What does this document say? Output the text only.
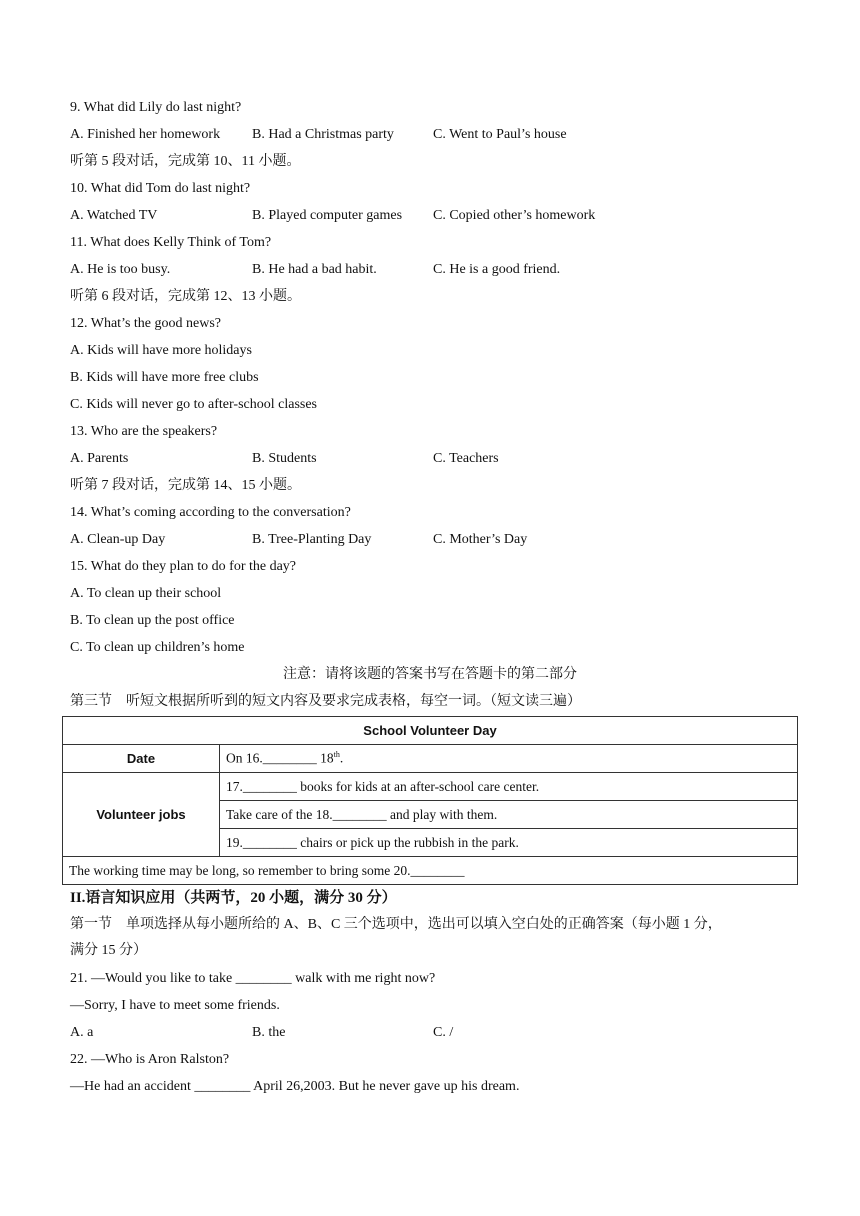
9. What did Lily do last night?
A. Finished her homework B. Had a Christmas party	C. Went to Paul’s house
听第 5 段对话，完成第 10、11 小题。
10. What did Tom do last night?
A. Watched TV	B. Played computer games C. Copied other’s homework
11. What does Kelly Think of Tom?
A. He is too busy.	B. He had a bad habit.	C. He is a good friend.
听第 6 段对话，完成第 12、13 小题。
12. What’s the good news?
A. Kids will have more holidays
B. Kids will have more free clubs
C. Kids will never go to after-school classes
13. Who are the speakers?
A. Parents	B. Students	C. Teachers
听第 7 段对话，完成第 14、15 小题。
14. What’s coming according to the conversation?
A. Clean-up Day	B. Tree-Planting Day	C. Mother’s Day
15. What do they plan to do for the day?
A. To clean up their school
B. To clean up the post office
C. To clean up children’s home
注意：请将该题的答案书写在答题卡的第二部分
第三节　听短文根据所听到的短文内容及要求完成表格，每空一词。（短文读三遍）
School Volunteer Day	
Date	On 16.________ 18th.
Volunteer jobs	17.________ books for kids at an after-school care center.
	Take care of the 18.________ and play with them.
	19.________ chairs or pick up the rubbish in the park.
The working time may be long, so remember to bring some 20.________	
II.语言知识应用（共两节，20 小题，满分 30 分）
第一节　单项选择从每小题所给的 A、B、C 三个选项中，选出可以填入空白处的正确答案（每小题 1 分，
满分 15 分）
21. —Would you like to take ________ walk with me right now?
—Sorry, I have to meet some friends.
A. a	B. the	C. /
22. —Who is Aron Ralston?
—He had an accident ________ April 26,2003. But he never gave up his dream.
